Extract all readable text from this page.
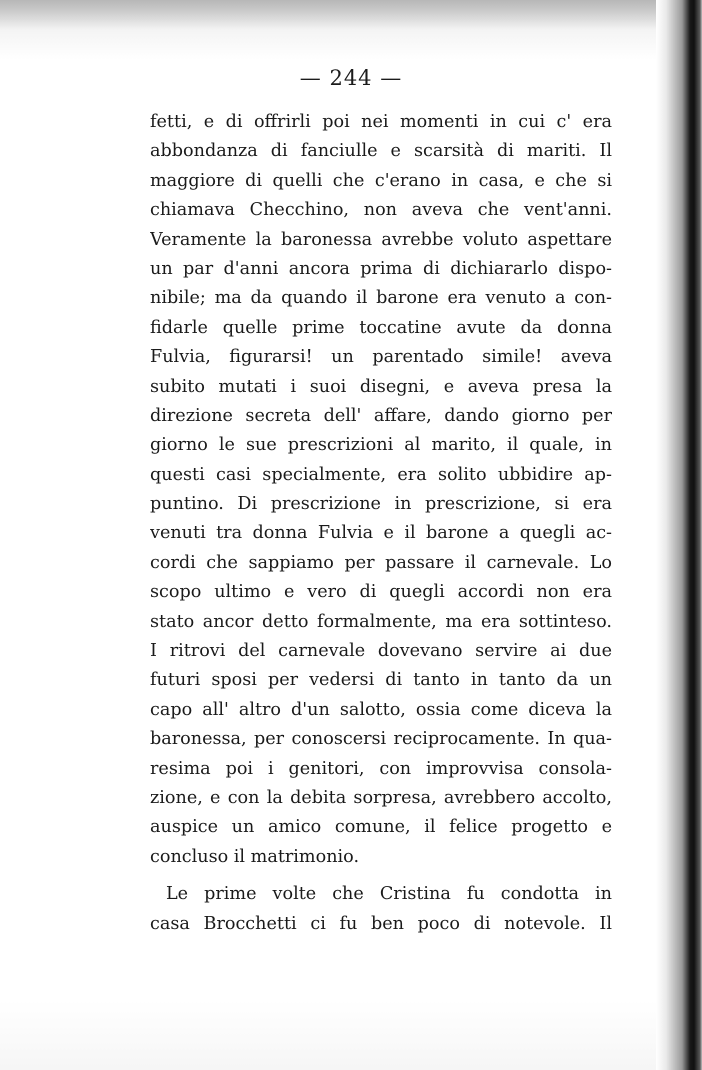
— 244 —
fetti, e di offrirli poi nei momenti in cui c' era
abbondanza di fanciulle e scarsità di mariti. Il
maggiore di quelli che c'erano in casa, e che si
chiamava Checchino, non aveva che vent'anni.
Veramente la baronessa avrebbe voluto aspettare
un par d'anni ancora prima di dichiararlo dispo-
nibile; ma da quando il barone era venuto a con-
fidarle quelle prime toccatine avute da donna
Fulvia, figurarsi! un parentado simile! aveva
subito mutati i suoi disegni, e aveva presa la
direzione secreta dell' affare, dando giorno per
giorno le sue prescrizioni al marito, il quale, in
questi casi specialmente, era solito ubbidire ap-
puntino. Di prescrizione in prescrizione, si era
venuti tra donna Fulvia e il barone a quegli ac-
cordi che sappiamo per passare il carnevale. Lo
scopo ultimo e vero di quegli accordi non era
stato ancor detto formalmente, ma era sottinteso.
I ritrovi del carnevale dovevano servire ai due
futuri sposi per vedersi di tanto in tanto da un
capo all' altro d'un salotto, ossia come diceva la
baronessa, per conoscersi reciprocamente. In qua-
resima poi i genitori, con improvvisa consola-
zione, e con la debita sorpresa, avrebbero accolto,
auspice un amico comune, il felice progetto e
concluso il matrimonio.
Le prime volte che Cristina fu condotta in
casa Brocchetti ci fu ben poco di notevole. Il
